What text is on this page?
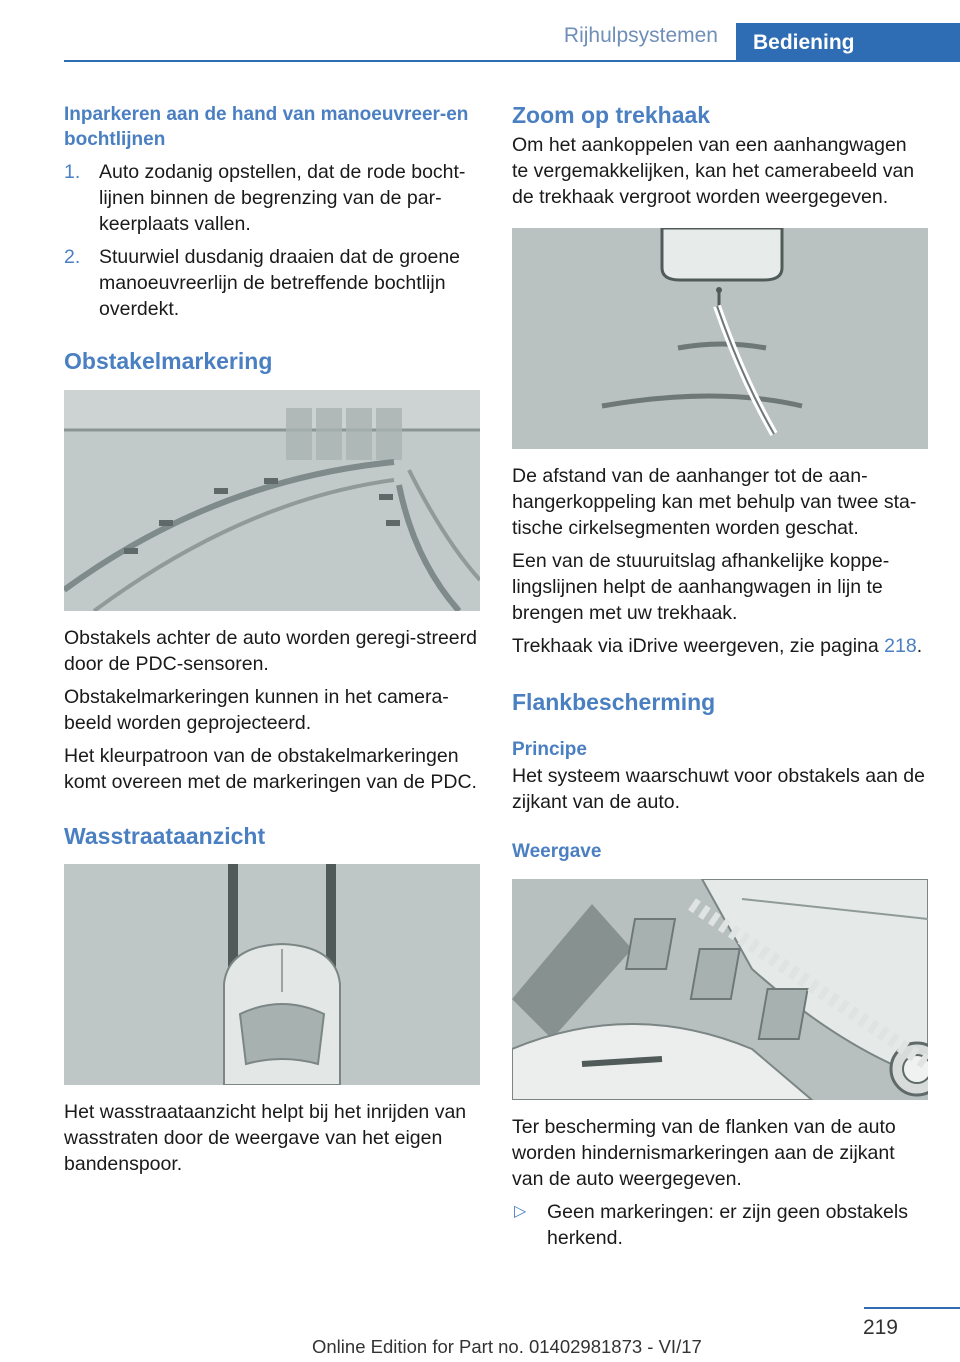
Rijhulpsystemen	Bediening
Inparkeren aan de hand van manoeuvreer-en bochtlijnen
1. Auto zodanig opstellen, dat de rode bocht-lijnen binnen de begrenzing van de par-keerplaats vallen.
2. Stuurwiel dusdanig draaien dat de groene manoeuvreerlijn de betreffende bochtlijn overdekt.
Obstakelmarkering
Obstakels achter de auto worden geregi-streerd door de PDC-sensoren.
Obstakelmarkeringen kunnen in het camera-beeld worden geprojecteerd.
Het kleurpatroon van de obstakelmarkeringen komt overeen met de markeringen van de PDC.
Wasstraataanzicht
Het wasstraataanzicht helpt bij het inrijden van wasstraten door de weergave van het eigen bandenspoor.
Zoom op trekhaak
Om het aankoppelen van een aanhangwagen te vergemakkelijken, kan het camerabeeld van de trekhaak vergroot worden weergegeven.
De afstand van de aanhanger tot de aan-hangerkoppeling kan met behulp van twee sta-tische cirkelsegmenten worden geschat.
Een van de stuuruitslag afhankelijke koppe-lingslijnen helpt de aanhangwagen in lijn te brengen met uw trekhaak.
Trekhaak via iDrive weergeven, zie pagina 218.
Flankbescherming
Principe
Het systeem waarschuwt voor obstakels aan de zijkant van de auto.
Weergave
Ter bescherming van de flanken van de auto worden hindernismarkeringen aan de zijkant van de auto weergegeven.
▷ Geen markeringen: er zijn geen obstakels herkend.
219
Online Edition for Part no. 01402981873 - VI/17
